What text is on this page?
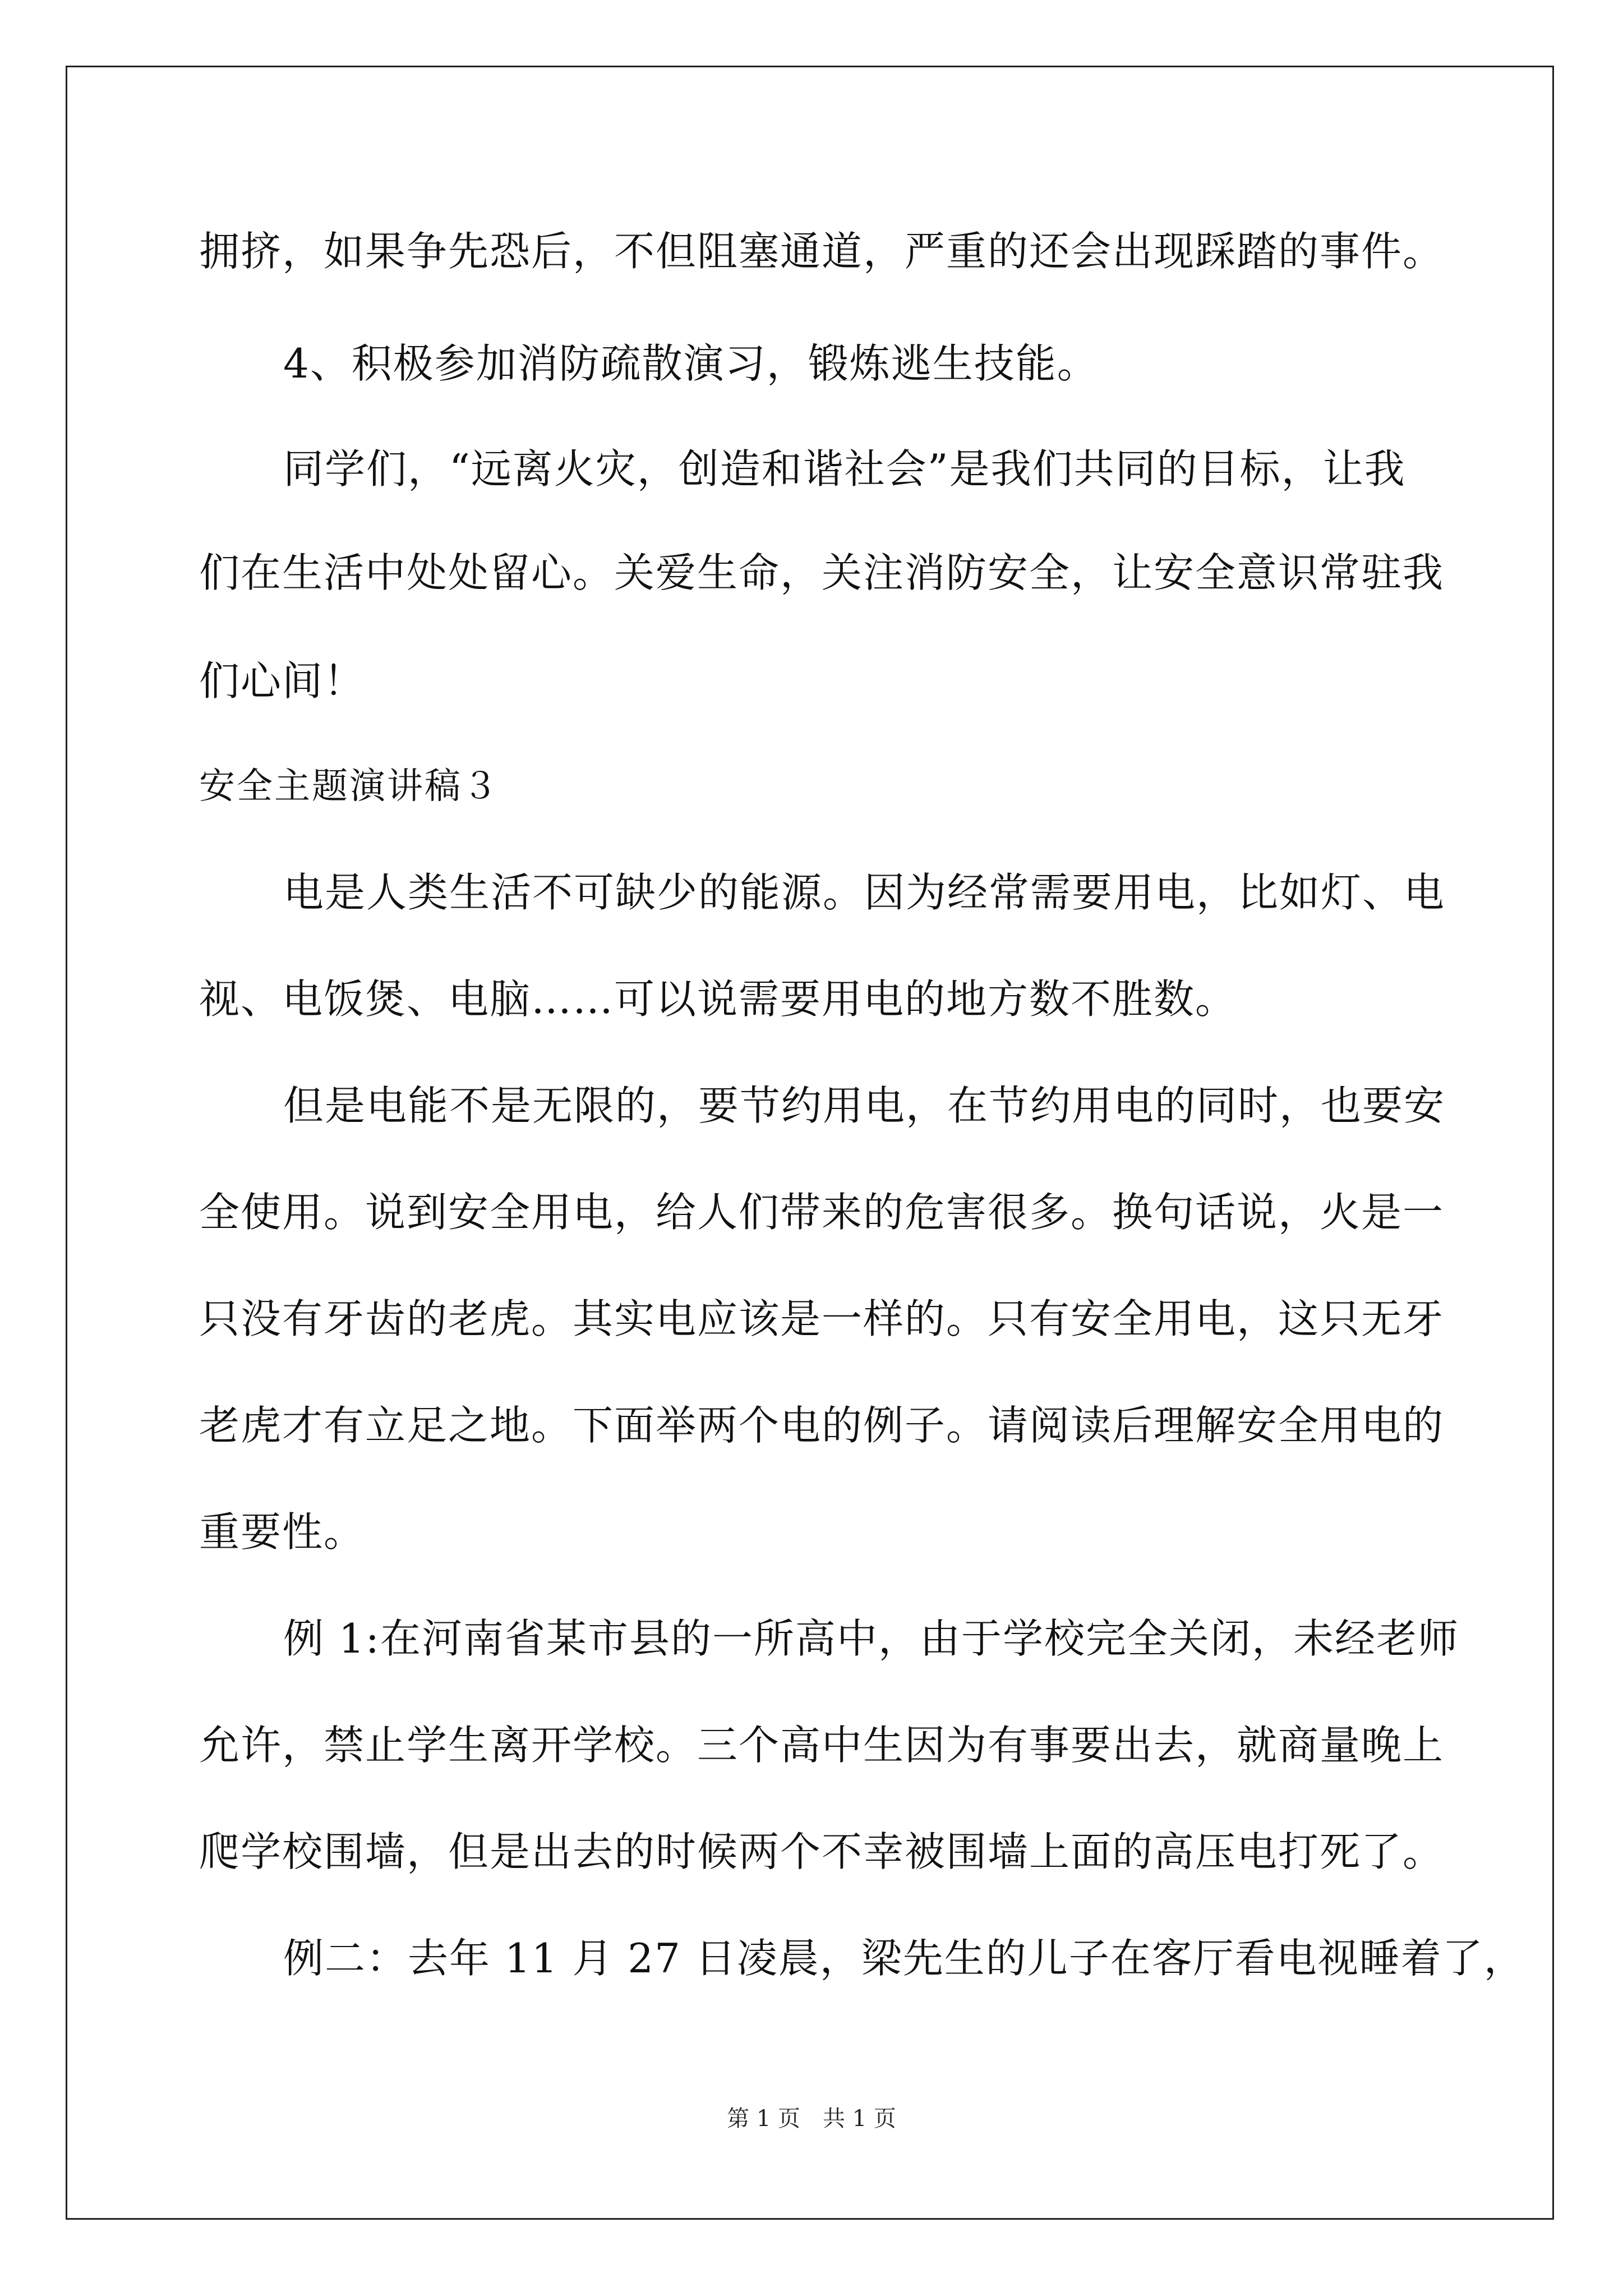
拥挤，如果争先恐后，不但阻塞通道，严重的还会出现踩踏的事件。
4、积极参加消防疏散演习，锻炼逃生技能。
同学们，“远离火灾，创造和谐社会”是我们共同的目标，让我
们在生活中处处留心。关爱生命，关注消防安全，让安全意识常驻我
们心间！
安全主题演讲稿３
电是人类生活不可缺少的能源。因为经常需要用电，比如灯、电
视、电饭煲、电脑……可以说需要用电的地方数不胜数。
但是电能不是无限的，要节约用电，在节约用电的同时，也要安
全使用。说到安全用电，给人们带来的危害很多。换句话说，火是一
只没有牙齿的老虎。其实电应该是一样的。只有安全用电，这只无牙
老虎才有立足之地。下面举两个电的例子。请阅读后理解安全用电的
重要性。
例 1:在河南省某市县的一所高中，由于学校完全关闭，未经老师
允许，禁止学生离开学校。三个高中生因为有事要出去，就商量晚上
爬学校围墙，但是出去的时候两个不幸被围墙上面的高压电打死了。
例二：去年 11 月 27 日凌晨，梁先生的儿子在客厅看电视睡着了，
第 1 页　共 1 页
